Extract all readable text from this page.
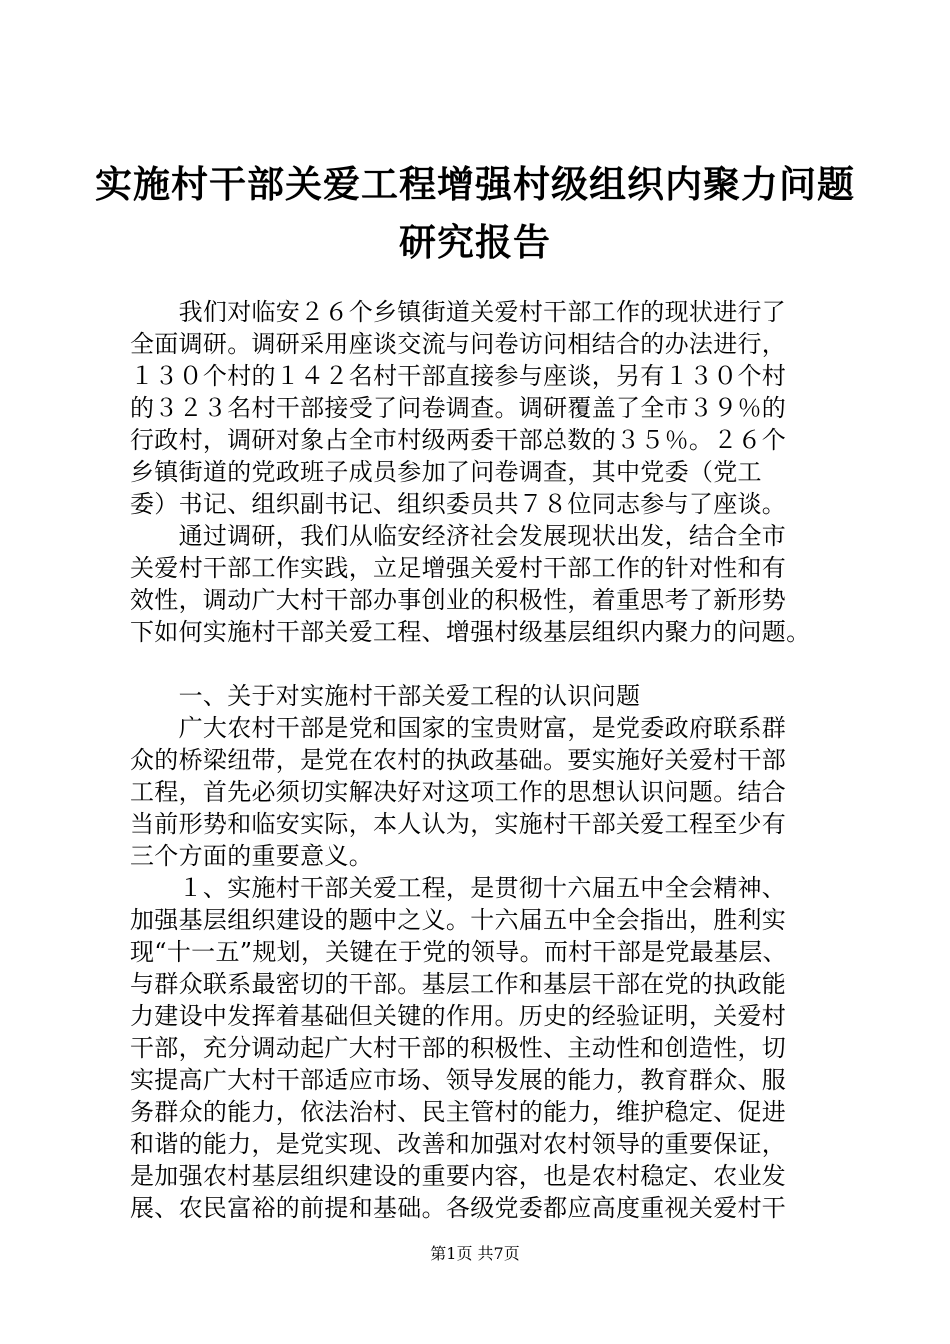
实施村干部关爱工程增强村级组织内聚力问题
研究报告
　　我们对临安２６个乡镇街道关爱村干部工作的现状进行了
全面调研。调研采用座谈交流与问卷访问相结合的办法进行，
１３０个村的１４２名村干部直接参与座谈，另有１３０个村
的３２３名村干部接受了问卷调查。调研覆盖了全市３９％的
行政村，调研对象占全市村级两委干部总数的３５％。２６个
乡镇街道的党政班子成员参加了问卷调查，其中党委（党工
委）书记、组织副书记、组织委员共７８位同志参与了座谈。
　　通过调研，我们从临安经济社会发展现状出发，结合全市
关爱村干部工作实践，立足增强关爱村干部工作的针对性和有
效性，调动广大村干部办事创业的积极性，着重思考了新形势
下如何实施村干部关爱工程、增强村级基层组织内聚力的问题。
　　一、关于对实施村干部关爱工程的认识问题
　　广大农村干部是党和国家的宝贵财富，是党委政府联系群
众的桥梁纽带，是党在农村的执政基础。要实施好关爱村干部
工程，首先必须切实解决好对这项工作的思想认识问题。结合
当前形势和临安实际，本人认为，实施村干部关爱工程至少有
三个方面的重要意义。
　　１、实施村干部关爱工程，是贯彻十六届五中全会精神、
加强基层组织建设的题中之义。十六届五中全会指出，胜利实
现“十一五”规划，关键在于党的领导。而村干部是党最基层、
与群众联系最密切的干部。基层工作和基层干部在党的执政能
力建设中发挥着基础但关键的作用。历史的经验证明，关爱村
干部，充分调动起广大村干部的积极性、主动性和创造性，切
实提高广大村干部适应市场、领导发展的能力，教育群众、服
务群众的能力，依法治村、民主管村的能力，维护稳定、促进
和谐的能力，是党实现、改善和加强对农村领导的重要保证，
是加强农村基层组织建设的重要内容，也是农村稳定、农业发
展、农民富裕的前提和基础。各级党委都应高度重视关爱村干
第1页 共7页
